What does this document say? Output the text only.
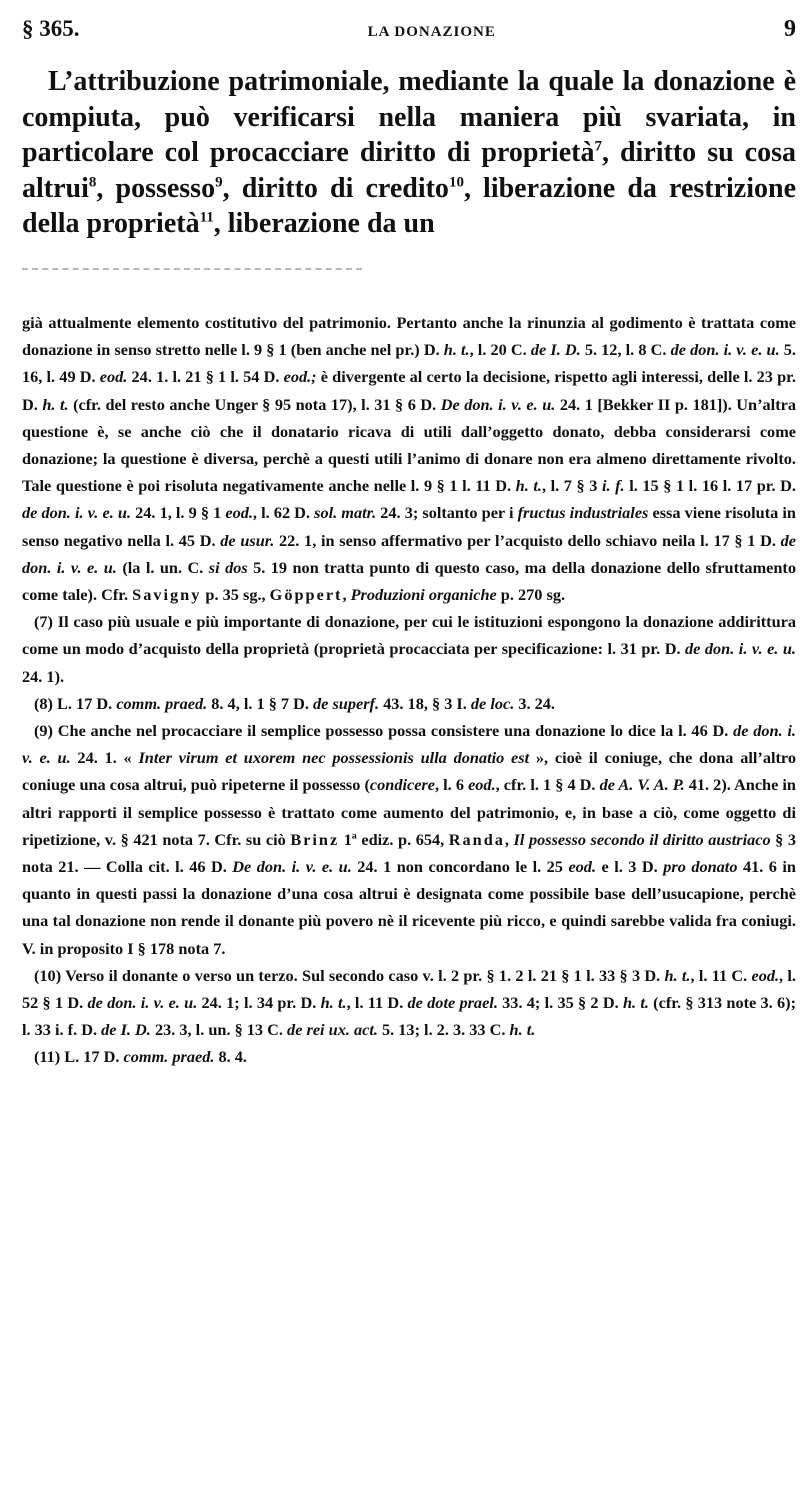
§ 365.	LA DONAZIONE	9

L’attribuzione patrimoniale, mediante la quale la donazione è compiuta, può verificarsi nella maniera più svariata, in particolare col procacciare diritto di proprietà$^7$, diritto su cosa altrui$^8$, possesso$^9$, diritto di credito$^{10}$, liberazione da restrizione della proprietà$^{11}$, liberazione da un

già attualmente elemento costitutivo del patrimonio. Pertanto anche la rinunzia al godimento è trattata come donazione in senso stretto nelle l. 9 § 1 (ben anche nel pr.) D. h. t., l. 20 C. de I. D. 5. 12, l. 8 C. de don. i. v. e. u. 5. 16, l. 49 D. eod. 24. 1. l. 21 § 1 l. 54 D. eod.; è divergente al certo la decisione, rispetto agli interessi, delle l. 23 pr. D. h. t. (cfr. del resto anche Unger § 95 nota 17), l. 31 § 6 D. De don. i. v. e. u. 24. 1 [Bekker II p. 181]). Un’altra questione è, se anche ciò che il donatario ricava di utili dall’oggetto donato, debba considerarsi come donazione; la questione è diversa, perchè a questi utili l’animo di donare non era almeno direttamente rivolto. Tale questione è poi risoluta negativamente anche nelle l. 9 § 1 l. 11 D. h. t., l. 7 § 3 i. f. l. 15 § 1 l. 16 l. 17 pr. D. de don. i. v. e. u. 24. 1, l. 9 § 1 eod., l. 62 D. sol. matr. 24. 3; soltanto per i fructus industriales essa viene risoluta in senso negativo nella l. 45 D. de usur. 22. 1, in senso affermativo per l’acquisto dello schiavo neila l. 17 § 1 D. de don. i. v. e. u. (la l. un. C. si dos 5. 19 non tratta punto di questo caso, ma della donazione dello sfruttamento come tale). Cfr. Savigny p. 35 sg., Göppert, Produzioni organiche p. 270 sg.

(7) Il caso più usuale e più importante di donazione, per cui le istituzioni espongono la donazione addirittura come un modo d’acquisto della proprietà (proprietà procacciata per specificazione: l. 31 pr. D. de don. i. v. e. u. 24. 1).

(8) L. 17 D. comm. praed. 8. 4, l. 1 § 7 D. de superf. 43. 18, § 3 I. de loc. 3. 24.

(9) Che anche nel procacciare il semplice possesso possa consistere una donazione lo dice la l. 46 D. de don. i. v. e. u. 24. 1. « Inter virum et uxorem nec possessionis ulla donatio est », cioè il coniuge, che dona all’altro coniuge una cosa altrui, può ripeterne il possesso (condicere, l. 6 eod., cfr. l. 1 § 4 D. de A. V. A. P. 41. 2). Anche in altri rapporti il semplice possesso è trattato come aumento del patrimonio, e, in base a ciò, come oggetto di ripetizione, v. § 421 nota 7. Cfr. su ciò Brinz 1ª ediz. p. 654, Randa, Il possesso secondo il diritto austriaco § 3 nota 21. — Colla cit. l. 46 D. De don. i. v. e. u. 24. 1 non concordano le l. 25 eod. e l. 3 D. pro donato 41. 6 in quanto in questi passi la donazione d’una cosa altrui è designata come possibile base dell’usucapione, perchè una tal donazione non rende il donante più povero nè il ricevente più ricco, e quindi sarebbe valida fra coniugi. V. in proposito I § 178 nota 7.

(10) Verso il donante o verso un terzo. Sul secondo caso v. l. 2 pr. § 1. 2 l. 21 § 1 l. 33 § 3 D. h. t., l. 11 C. eod., l. 52 § 1 D. de don. i. v. e. u. 24. 1; l. 34 pr. D. h. t., l. 11 D. de dote prael. 33. 4; l. 35 § 2 D. h. t. (cfr. § 313 note 3. 6); l. 33 i. f. D. de I. D. 23. 3, l. un. § 13 C. de rei ux. act. 5. 13; l. 2. 3. 33 C. h. t.

(11) L. 17 D. comm. praed. 8. 4.
